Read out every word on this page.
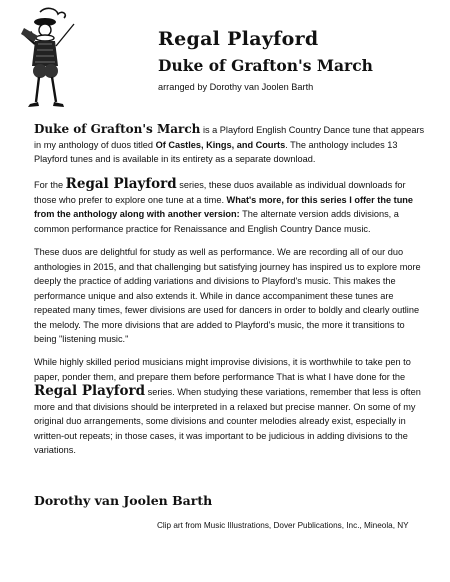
Regal Playford
Duke of Grafton's March
arranged by Dorothy van Joolen Barth
Duke of Grafton's March is a Playford English Country Dance tune that appears in my anthology of duos titled Of Castles, Kings, and Courts. The anthology includes 13 Playford tunes and is available in its entirety as a separate download.
For the Regal Playford series, these duos available as individual downloads for those who prefer to explore one tune at a time. What's more, for this series I offer the tune from the anthology along with another version: The alternate version adds divisions, a common performance practice for Renaissance and English Country Dance music.
These duos are delightful for study as well as performance. We are recording all of our duo anthologies in 2015, and that challenging but satisfying journey has inspired us to explore more deeply the practice of adding variations and divisions to Playford's music. This makes the performance unique and also extends it. While in dance accompaniment these tunes are repeated many times, fewer divisions are used for dancers in order to boldly and clearly outline the melody. The more divisions that are added to Playford's music, the more it transitions to being "listening music."
While highly skilled period musicians might improvise divisions, it is worthwhile to take pen to paper, ponder them, and prepare them before performance That is what I have done for the Regal Playford series. When studying these variations, remember that less is often more and that divisions should be interpreted in a relaxed but precise manner. On some of my original duo arrangements, some divisions and counter melodies already exist, especially in written-out repeats; in those cases, it was important to be judicious in adding divisions to the variations.
Dorothy van Joolen Barth
Clip art from Music Illustrations, Dover Publications, Inc., Mineola, NY
